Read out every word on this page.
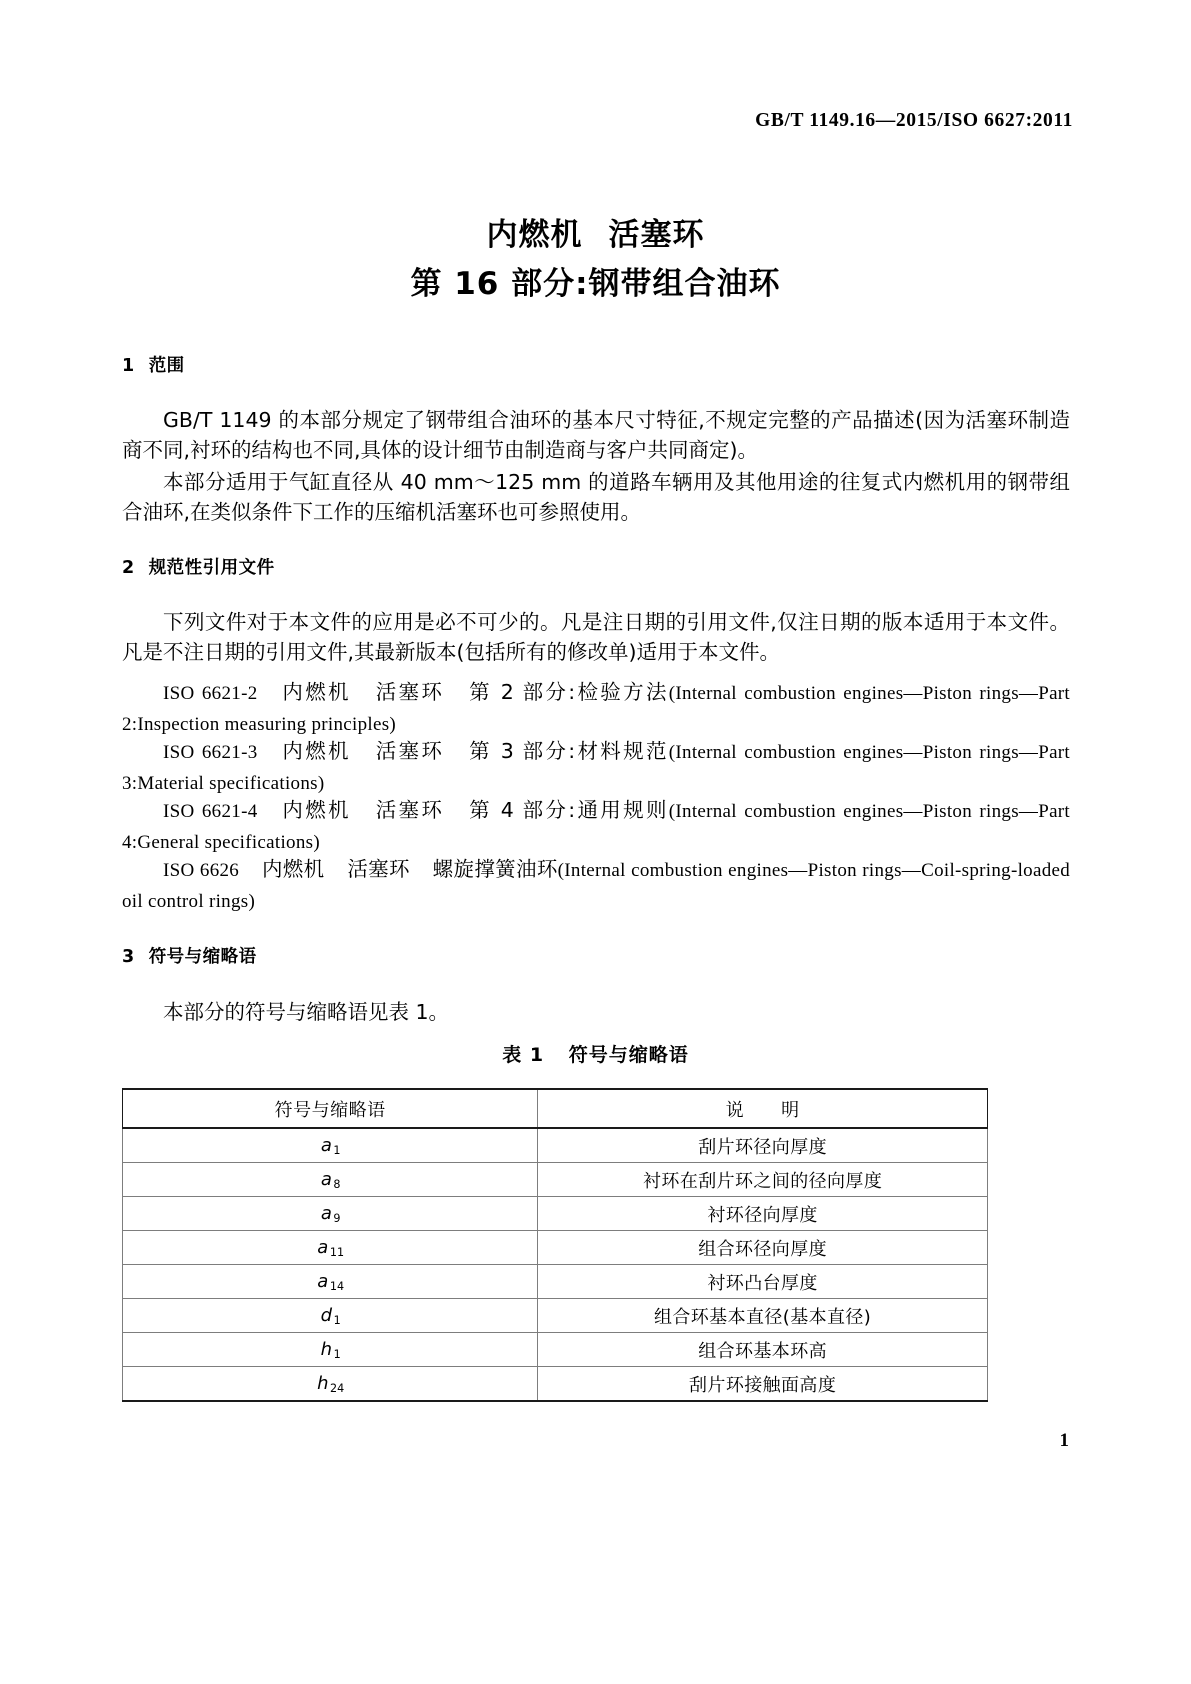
GB/T 1149.16—2015/ISO 6627:2011
内燃机 活塞环
第 16 部分:钢带组合油环
1 范围
GB/T 1149 的本部分规定了钢带组合油环的基本尺寸特征,不规定完整的产品描述(因为活塞环制造商不同,衬环的结构也不同,具体的设计细节由制造商与客户共同商定)。
本部分适用于气缸直径从 40 mm～125 mm 的道路车辆用及其他用途的往复式内燃机用的钢带组合油环,在类似条件下工作的压缩机活塞环也可参照使用。
2 规范性引用文件
下列文件对于本文件的应用是必不可少的。凡是注日期的引用文件,仅注日期的版本适用于本文件。凡是不注日期的引用文件,其最新版本(包括所有的修改单)适用于本文件。
ISO 6621-2 内燃机 活塞环 第 2 部分:检验方法(Internal combustion engines—Piston rings—Part 2:Inspection measuring principles)
ISO 6621-3 内燃机 活塞环 第 3 部分:材料规范(Internal combustion engines—Piston rings—Part 3:Material specifications)
ISO 6621-4 内燃机 活塞环 第 4 部分:通用规则(Internal combustion engines—Piston rings—Part 4:General specifications)
ISO 6626 内燃机 活塞环 螺旋撑簧油环(Internal combustion engines—Piston rings—Coil-spring-loaded oil control rings)
3 符号与缩略语
本部分的符号与缩略语见表 1。
表 1 符号与缩略语
符号与缩略语	说　　明
$a_1$	刮片环径向厚度
$a_8$	衬环在刮片环之间的径向厚度
$a_9$	衬环径向厚度
$a_{11}$	组合环径向厚度
$a_{14}$	衬环凸台厚度
$d_1$	组合环基本直径(基本直径)
$h_1$	组合环基本环高
$h_{24}$	刮片环接触面高度
1
